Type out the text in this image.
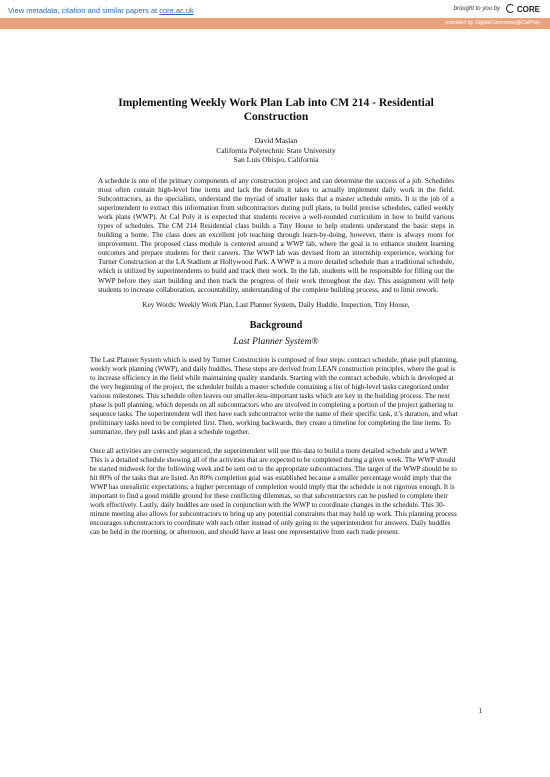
View metadata, citation and similar papers at core.ac.uk	brought to you by	CORE
provided by DigitalCommons@CalPoly
Implementing Weekly Work Plan Lab into CM 214 - Residential Construction
David Maslan
California Polytechnic State University
San Luis Obispo, California
A schedule is one of the primary components of any construction project and can determine the success of a job. Schedules most often contain high-level line items and lack the details it takes to actually implement daily work in the field. Subcontractors, as the specialists, understand the myriad of smaller tasks that a master schedule omits. It is the job of a superintendent to extract this information from subcontractors during pull plans, to build precise schedules, called weekly work plans (WWP). At Cal Poly it is expected that students receive a well-rounded curriculum in how to build various types of schedules. The CM 214 Residential class builds a Tiny House to help students understand the basic steps in building a home. The class does an excellent job teaching through learn-by-doing, however, there is always room for improvement. The proposed class module is centered around a WWP lab, where the goal is to enhance student learning outcomes and prepare students for their careers. The WWP lab was devised from an internship experience, working for Turner Construction at the LA Stadium at Hollywood Park. A WWP is a more detailed schedule than a traditional schedule, which is utilized by superintendents to build and track their work. In the lab, students will be responsible for filling out the WWP before they start building and then track the progress of their work throughout the day. This assignment will help students to increase collaboration, accountability, understanding of the complete building process, and to limit rework.
Key Words: Weekly Work Plan, Last Planner System, Daily Huddle, Inspection, Tiny House,
Background
Last Planner System®
The Last Planner System which is used by Turner Construction is composed of four steps: contract schedule, phase pull planning, weekly work planning (WWP), and daily huddles. These steps are derived from LEAN construction principles, where the goal is to increase efficiency in the field while maintaining quality standards. Starting with the contract schedule, which is developed at the very beginning of the project, the scheduler builds a master schedule containing a list of high-level tasks categorized under various milestones. This schedule often leaves out smaller-less-important tasks which are key in the building process. The next phase is pull planning, which depends on all subcontractors who are involved in completing a portion of the project gathering to sequence tasks. The superintendent will then have each subcontractor write the name of their specific task, it’s duration, and what preliminary tasks need to be completed first. Then, working backwards, they create a timeline for completing the line items. To summarize, they pull tasks and plan a schedule together.
Once all activities are correctly sequenced, the superintendent will use this data to build a more detailed schedule and a WWP. This is a detailed schedule showing all of the activities that are expected to be completed during a given week. The WWP should be started midweek for the following week and be sent out to the appropriate subcontractors. The target of the WWP should be to hit 80% of the tasks that are listed. An 80% completion goal was established because a smaller percentage would imply that the WWP has unrealistic expectations; a higher percentage of completion would imply that the schedule is not rigorous enough. It is important to find a good middle ground for these conflicting dilemmas, so that subcontractors can be pushed to complete their work effectively. Lastly, daily huddles are used in conjunction with the WWP to coordinate changes in the schedule. This 30-minute meeting also allows for subcontractors to bring up any potential constraints that may hold up work. This planning process encourages subcontractors to coordinate with each other instead of only going to the superintendent for answers. Daily huddles can be held in the morning, or afternoon, and should have at least one representative from each trade present.
1
